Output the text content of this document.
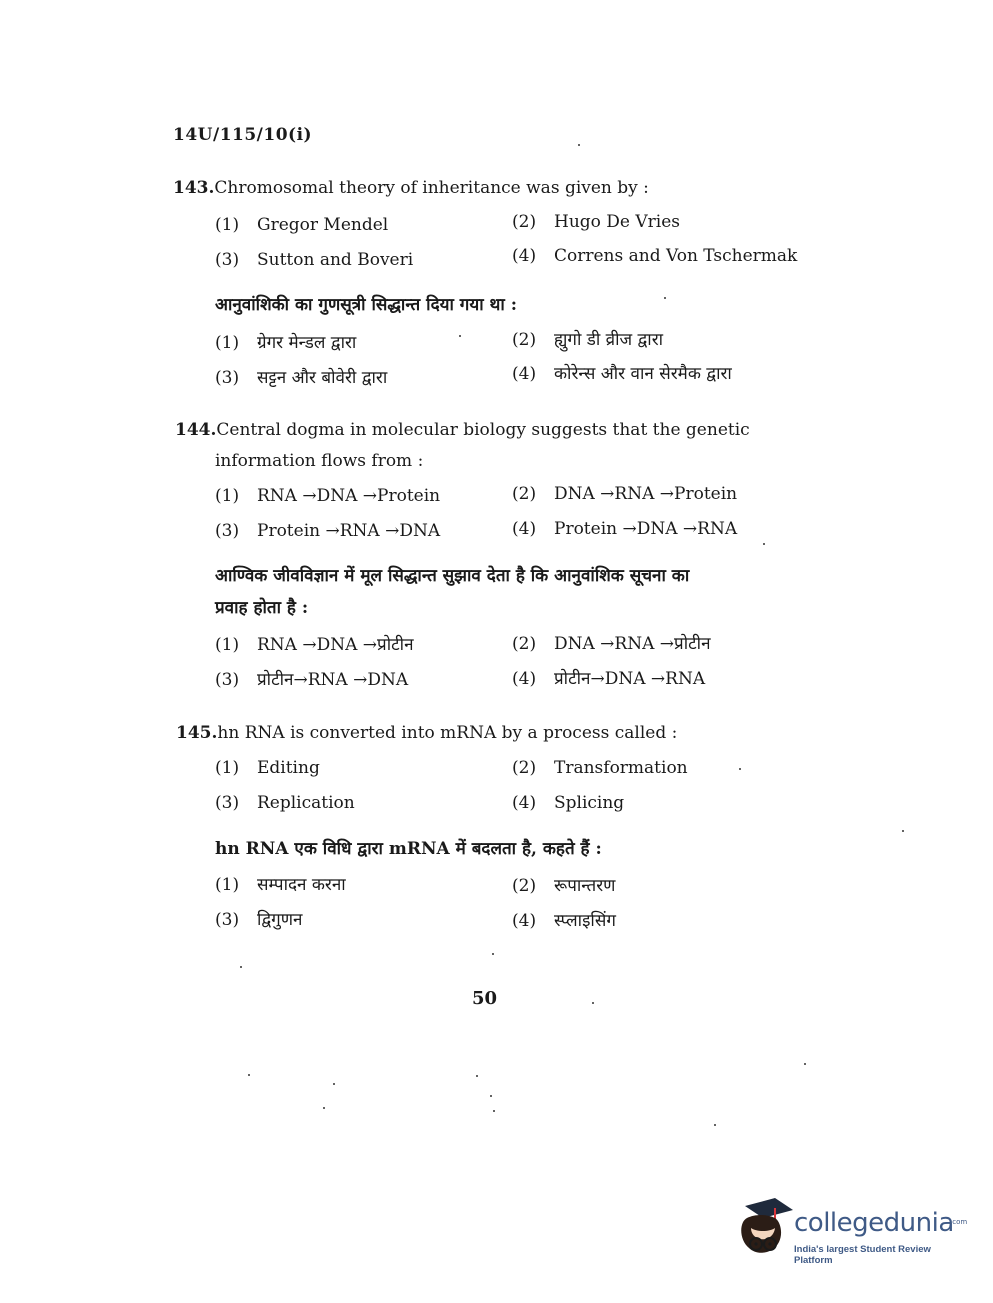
14U/115/10(i)
143.Chromosomal theory of inheritance was given by :
(1) Gregor Mendel	(2) Hugo De Vries
(3) Sutton and Boveri	(4) Correns and Von Tschermak
आनुवांशिकी का गुणसूत्री सिद्धान्त दिया गया था :
(1) ग्रेगर मेन्डल द्वारा	(2) ह्युगो डी व्रीज द्वारा
(3) सट्टन और बोवेरी द्वारा	(4) कोरेन्स और वान सेरमैक द्वारा
144.Central dogma in molecular biology suggests that the genetic
information flows from :
(1) RNA →DNA →Protein	(2) DNA →RNA →Protein
(3) Protein →RNA →DNA	(4) Protein →DNA →RNA
आण्विक जीवविज्ञान में मूल सिद्धान्त सुझाव देता है कि आनुवांशिक सूचना का
प्रवाह होता है :
(1) RNA →DNA →प्रोटीन	(2) DNA →RNA →प्रोटीन
(3) प्रोटीन→RNA →DNA	(4) प्रोटीन→DNA →RNA
145.hn RNA is converted into mRNA by a process called :
(1) Editing	(2) Transformation
(3) Replication	(4) Splicing
hn RNA एक विधि द्वारा mRNA में बदलता है, कहते हैं :
(1) सम्पादन करना	(2) रूपान्तरण
(3) द्विगुणन	(4) स्प्लाइसिंग
50
collegedunia
.com
India's largest Student Review Platform
